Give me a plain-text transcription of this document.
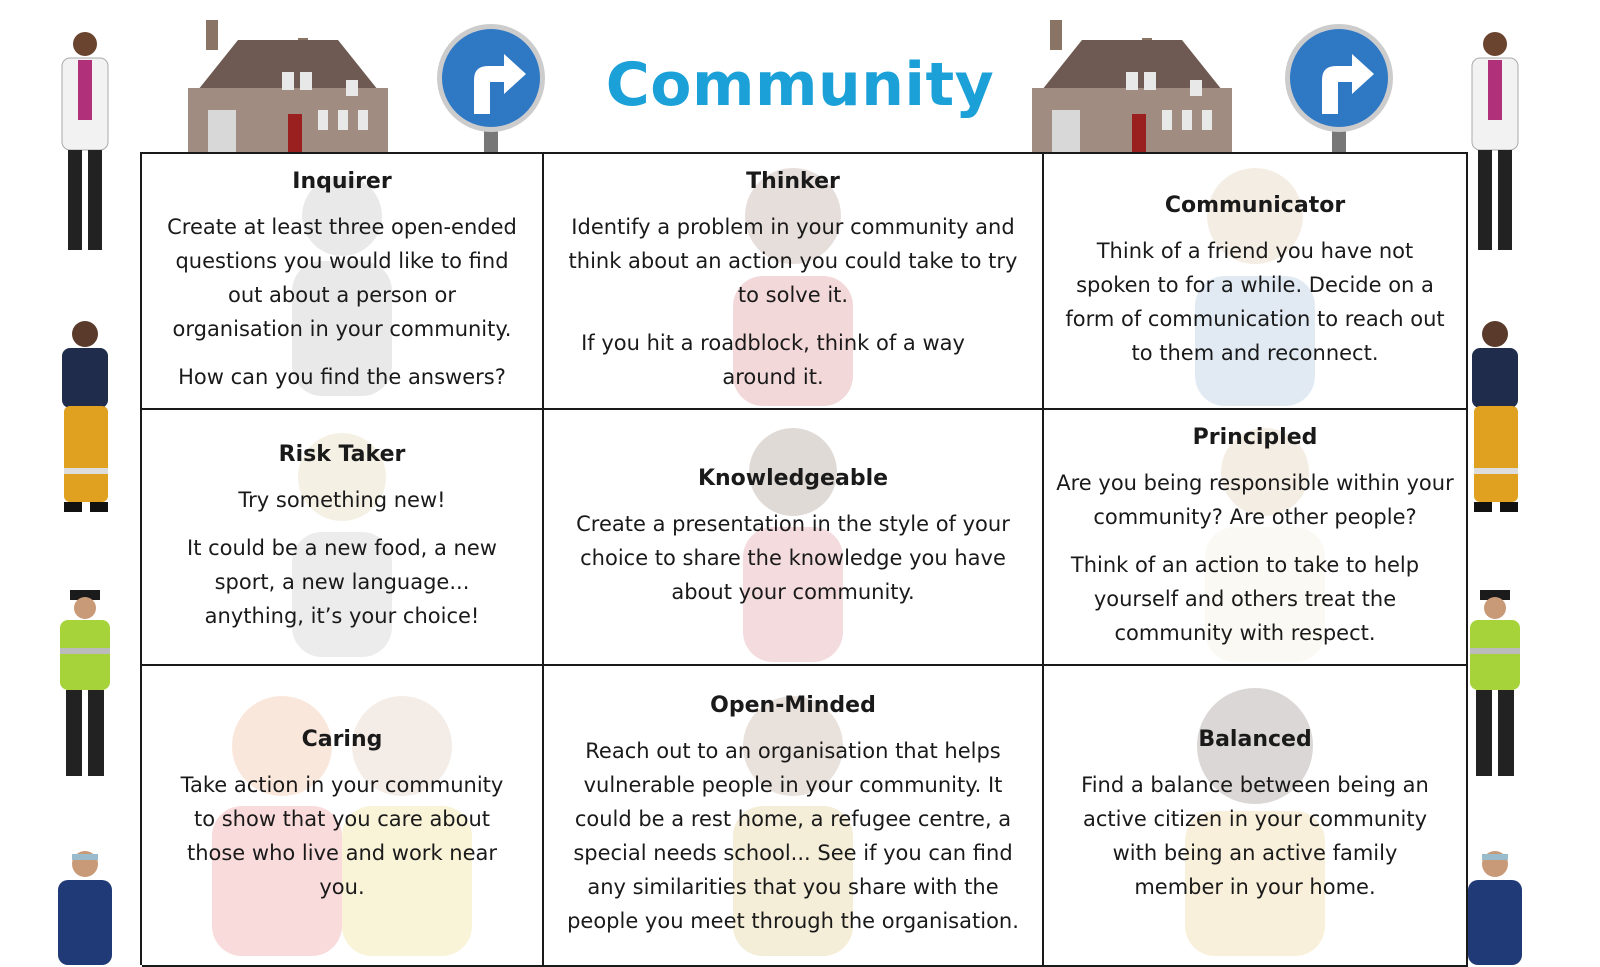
Community
Inquirer

Create at least three open-ended questions you would like to find out about a person or organisation in your community.

How can you find the answers?

Thinker

Identify a problem in your community and think about an action you could take to try to solve it.

If you hit a roadblock, think of a way around it.

Communicator

Think of a friend you have not spoken to for a while. Decide on a form of communication to reach out to them and reconnect.

Risk Taker

Try something new!

It could be a new food, a new sport, a new language... anything, it’s your choice!

Knowledgeable

Create a presentation in the style of your choice to share the knowledge you have about your community.

Principled

Are you being responsible within your community? Are other people?

Think of an action to take to help yourself and others treat the community with respect.

Caring

Take action in your community to show that you care about those who live and work near you.

Open-Minded

Reach out to an organisation that helps vulnerable people in your community. It could be a rest home, a refugee centre, a special needs school... See if you can find any similarities that you share with the people you meet through the organisation.

Balanced

Find a balance between being an active citizen in your community with being an active family member in your home.
